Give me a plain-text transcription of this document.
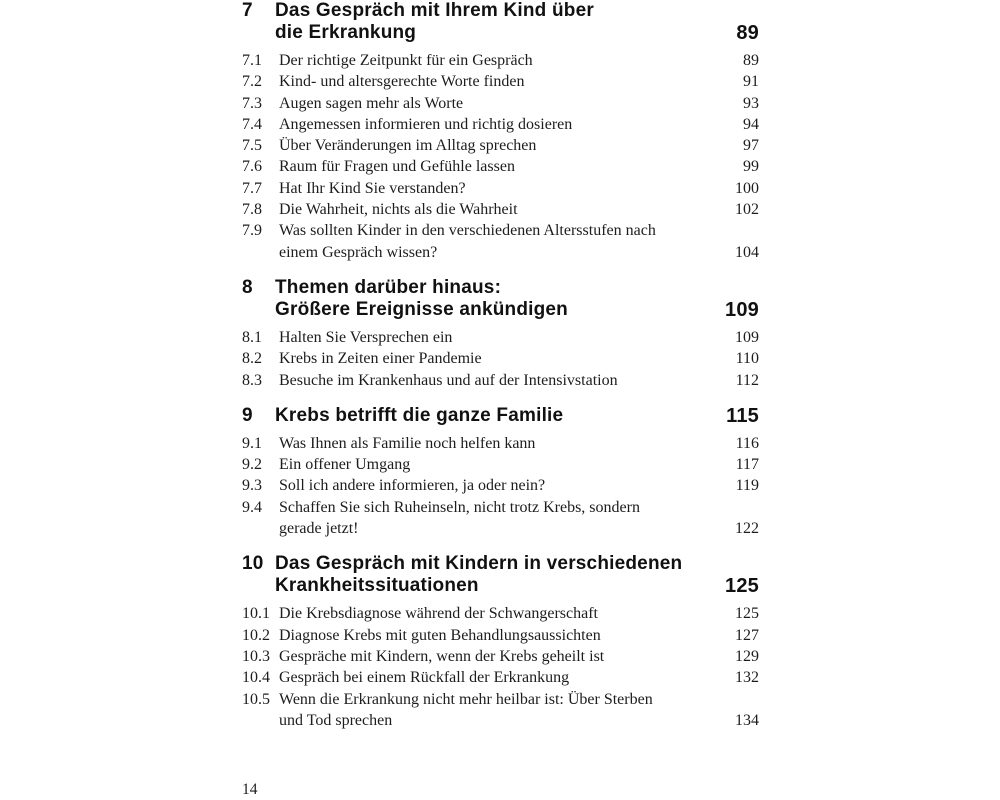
7	Das Gespräch mit Ihrem Kind über
die Erkrankung	89
7.1	Der richtige Zeitpunkt für ein Gespräch	89
7.2	Kind- und altersgerechte Worte finden	91
7.3	Augen sagen mehr als Worte	93
7.4	Angemessen informieren und richtig dosieren	94
7.5	Über Veränderungen im Alltag sprechen	97
7.6	Raum für Fragen und Gefühle lassen	99
7.7	Hat Ihr Kind Sie verstanden?	100
7.8	Die Wahrheit, nichts als die Wahrheit	102
7.9	Was sollten Kinder in den verschiedenen Altersstufen nach
einem Gespräch wissen?	104
8	Themen darüber hinaus:
Größere Ereignisse ankündigen	109
8.1	Halten Sie Versprechen ein	109
8.2	Krebs in Zeiten einer Pandemie	110
8.3	Besuche im Krankenhaus und auf der Intensivstation	112
9	Krebs betrifft die ganze Familie	115
9.1	Was Ihnen als Familie noch helfen kann	116
9.2	Ein offener Umgang	117
9.3	Soll ich andere informieren, ja oder nein?	119
9.4	Schaffen Sie sich Ruheinseln, nicht trotz Krebs, sondern
gerade jetzt!	122
10 Das Gespräch mit Kindern in verschiedenen
Krankheitssituationen	125
10.1 Die Krebsdiagnose während der Schwangerschaft	125
10.2 Diagnose Krebs mit guten Behandlungsaussichten	127
10.3 Gespräche mit Kindern, wenn der Krebs geheilt ist	129
10.4 Gespräch bei einem Rückfall der Erkrankung	132
10.5 Wenn die Erkrankung nicht mehr heilbar ist: Über Sterben
und Tod sprechen	134
14
